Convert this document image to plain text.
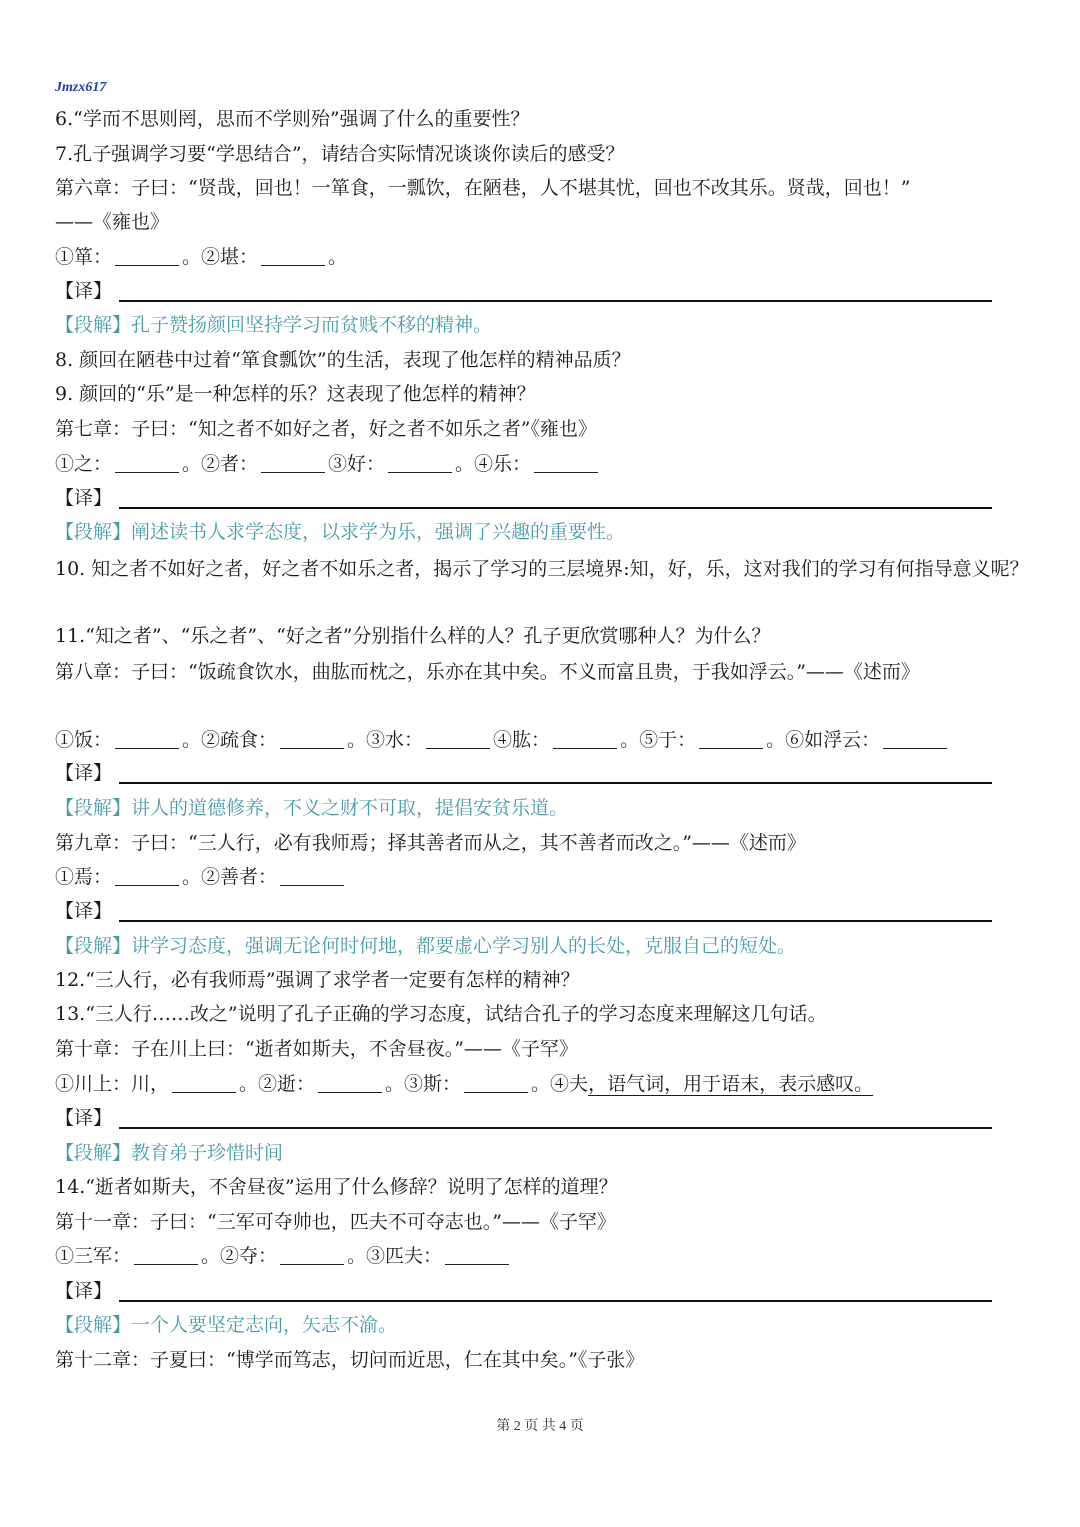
Jmzx617
6.“学而不思则罔，思而不学则殆”强调了什么的重要性？
7.孔子强调学习要“学思结合”，请结合实际情况谈谈你读后的感受？
第六章：子曰：“贤哉，回也！一箪食，一瓢饮，在陋巷，人不堪其忧，回也不改其乐。贤哉，回也！”
——《雍也》
①箪：	。②堪：	。
【译】
【段解】孔子赞扬颜回坚持学习而贫贱不移的精神。
8. 颜回在陋巷中过着“箪食瓢饮”的生活，表现了他怎样的精神品质？
9. 颜回的“乐”是一种怎样的乐？这表现了他怎样的精神？
第七章：子曰：“知之者不如好之者，好之者不如乐之者”《雍也》
①之：	。②者：	③好：	。④乐：
【译】
【段解】阐述读书人求学态度，以求学为乐，强调了兴趣的重要性。
10. 知之者不如好之者，好之者不如乐之者，揭示了学习的三层境界:知，好，乐，这对我们的学习有何指导意义呢？
11.“知之者”、“乐之者”、“好之者”分别指什么样的人？孔子更欣赏哪种人？为什么？
第八章：子曰：“饭疏食饮水，曲肱而枕之，乐亦在其中矣。不义而富且贵，于我如浮云。”——《述而》
①饭：	。②疏食：	。③水：	④肱：	。⑤于：	。⑥如浮云：
【译】
【段解】讲人的道德修养，不义之财不可取，提倡安贫乐道。
第九章：子曰：“三人行，必有我师焉；择其善者而从之，其不善者而改之。”——《述而》
①焉：	。②善者：
【译】
【段解】讲学习态度，强调无论何时何地，都要虚心学习别人的长处，克服自己的短处。
12.“三人行，必有我师焉”强调了求学者一定要有怎样的精神？
13.“三人行……改之”说明了孔子正确的学习态度，试结合孔子的学习态度来理解这几句话。
第十章：子在川上曰：“逝者如斯夫，不舍昼夜。”——《子罕》
①川上：川，	。②逝：	。③斯：	。④夫，语气词，用于语末，表示感叹。
【译】
【段解】教育弟子珍惜时间
14.“逝者如斯夫，不舍昼夜”运用了什么修辞？说明了怎样的道理？
第十一章：子曰：“三军可夺帅也，匹夫不可夺志也。”——《子罕》
①三军：	。②夺：	。③匹夫：
【译】
【段解】一个人要坚定志向，矢志不渝。
第十二章：子夏曰：“博学而笃志，切问而近思，仁在其中矣。”《子张》
第 2 页 共 4 页
